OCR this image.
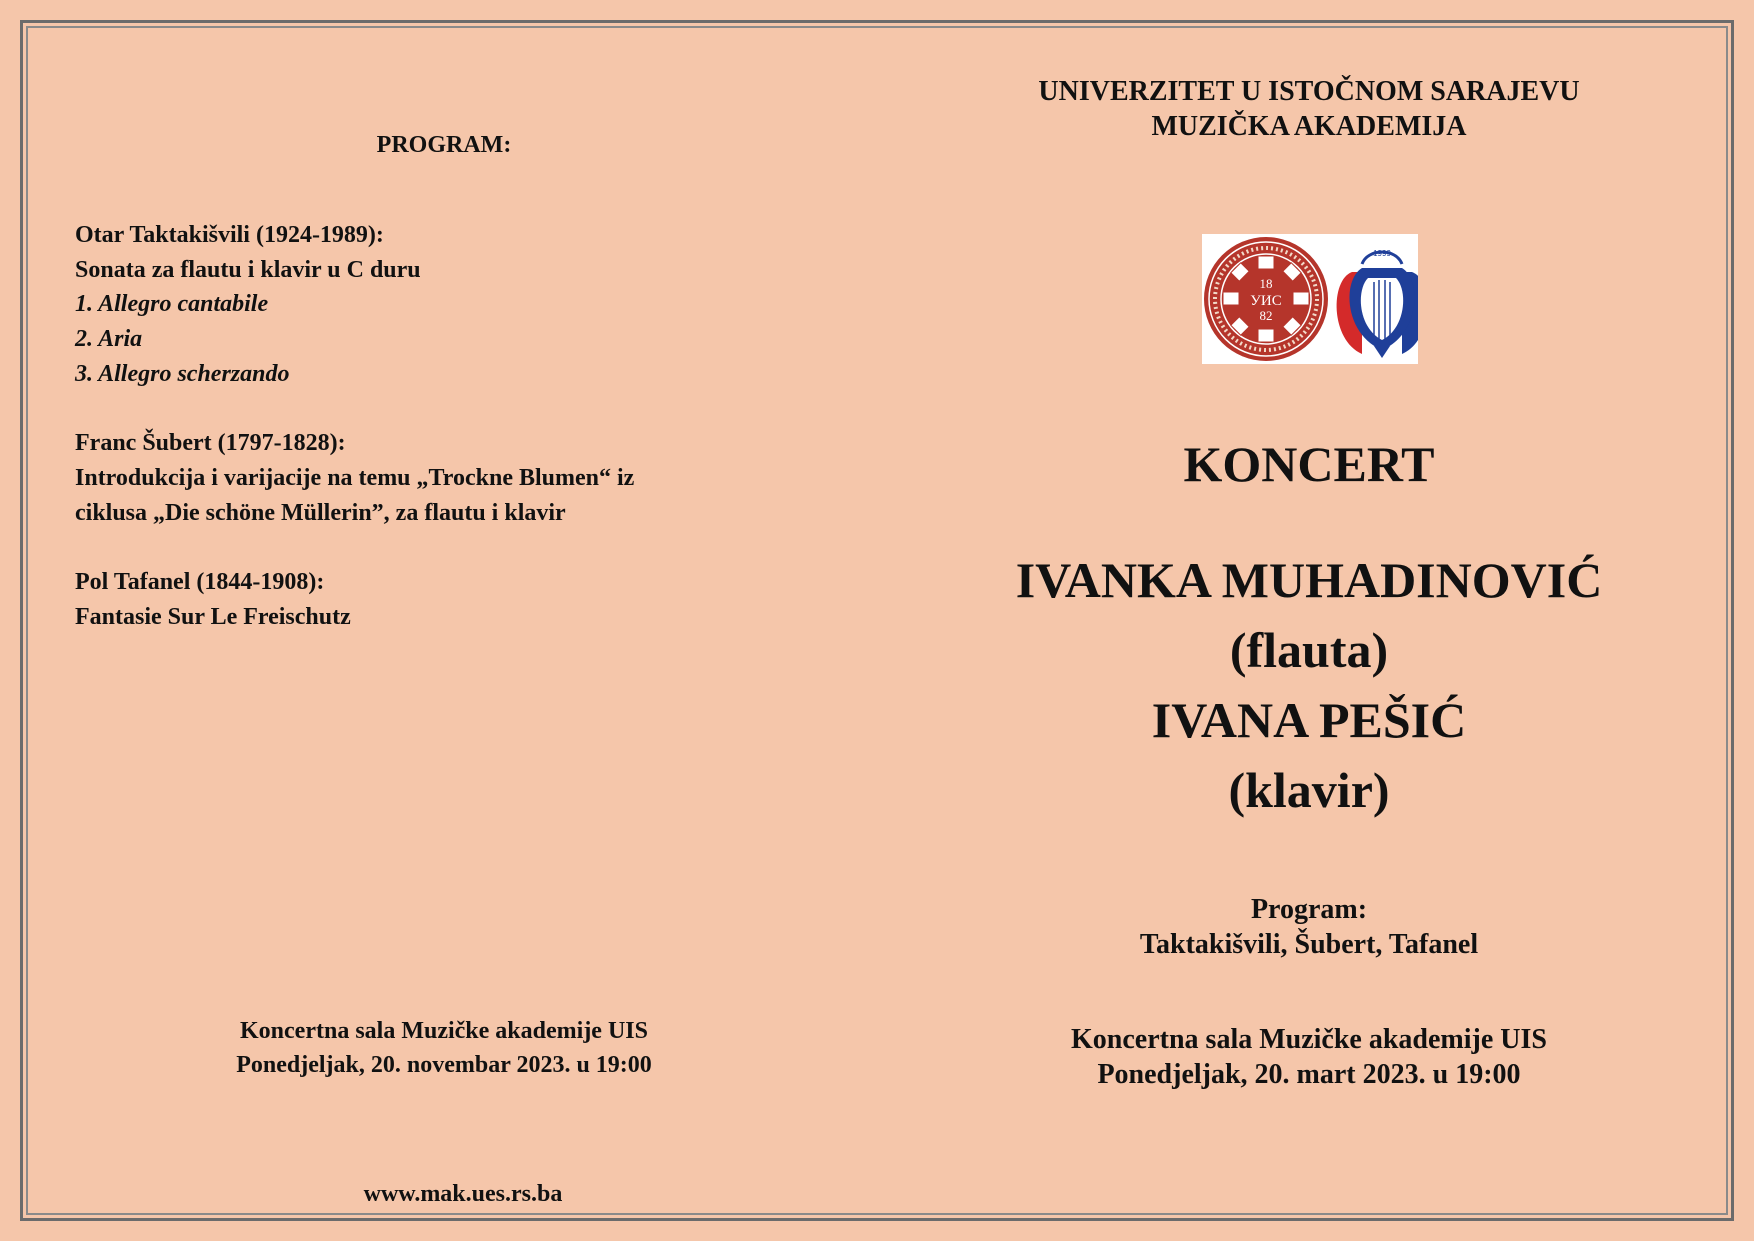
PROGRAM:
Otar Taktakišvili (1924-1989):
Sonata za flautu i klavir u C duru
1. Allegro cantabile
2. Aria
3. Allegro scherzando
Franc Šubert (1797-1828):
Introdukcija i varijacije na temu „Trockne Blumen“ iz
ciklusa „Die schöne Müllerin”, za flautu i klavir
Pol Tafanel (1844-1908):
Fantasie Sur Le Freischutz
Koncertna sala Muzičke akademije UIS
Ponedjeljak, 20. novembar 2023. u 19:00
www.mak.ues.rs.ba
UNIVERZITET U ISTOČNOM SARAJEVU
MUZIČKA AKADEMIJA
18
УИС
82
1999
KONCERT
IVANKA MUHADINOVIĆ
(flauta)
IVANA PEŠIĆ
(klavir)
Program:
Taktakišvili, Šubert, Tafanel
Koncertna sala Muzičke akademije UIS
Ponedjeljak, 20. mart 2023. u 19:00
